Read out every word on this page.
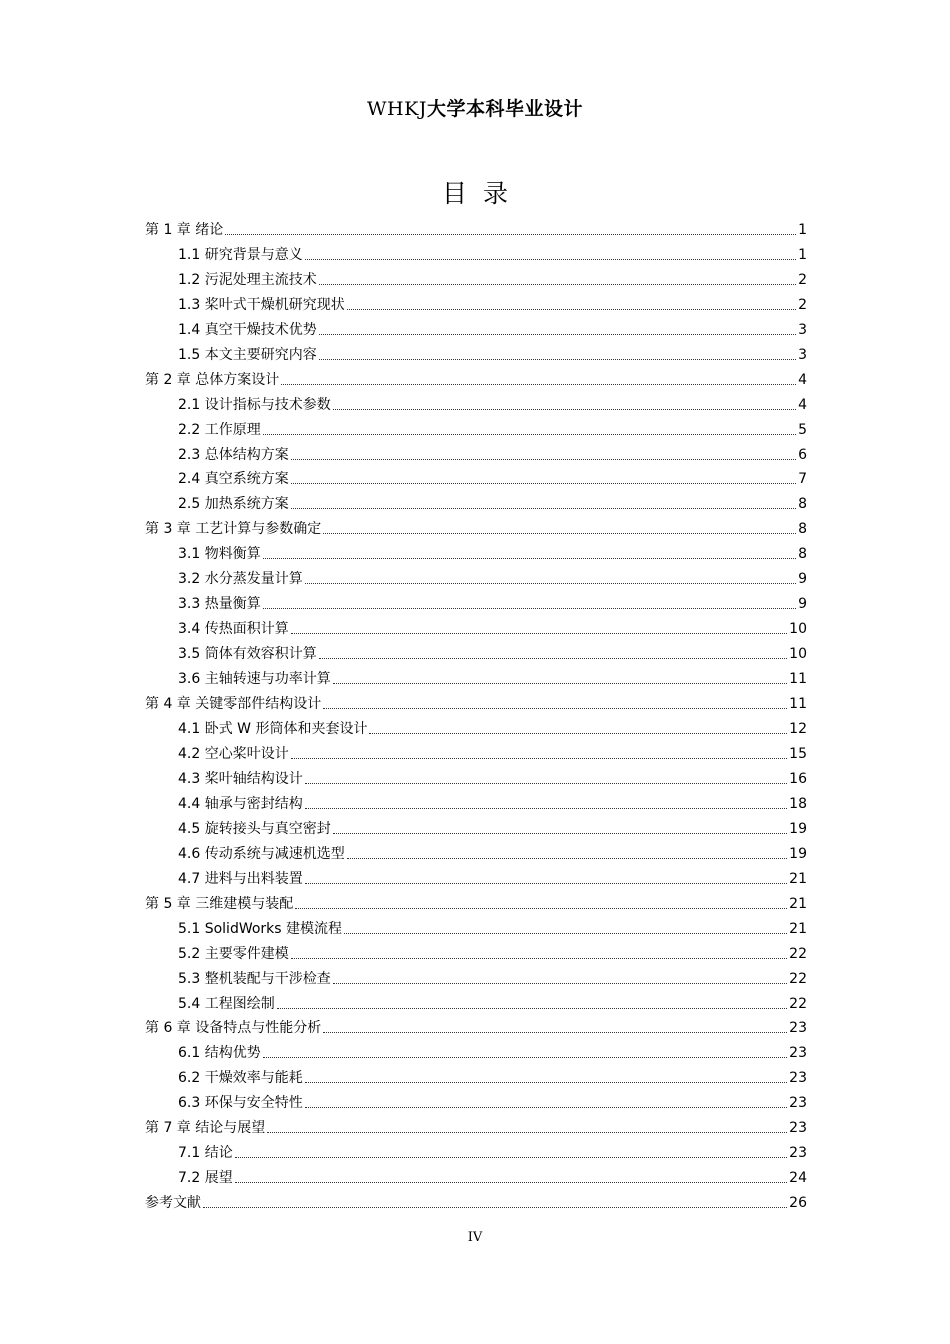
WHKJ大学本科毕业设计
目录
第 1 章 绪论	1
1.1 研究背景与意义	1
1.2 污泥处理主流技术	2
1.3 桨叶式干燥机研究现状	2
1.4 真空干燥技术优势	3
1.5 本文主要研究内容	3
第 2 章 总体方案设计	4
2.1 设计指标与技术参数	4
2.2 工作原理	5
2.3 总体结构方案	6
2.4 真空系统方案	7
2.5 加热系统方案	8
第 3 章 工艺计算与参数确定	8
3.1 物料衡算	8
3.2 水分蒸发量计算	9
3.3 热量衡算	9
3.4 传热面积计算	10
3.5 筒体有效容积计算	10
3.6 主轴转速与功率计算	11
第 4 章 关键零部件结构设计	11
4.1 卧式 W 形筒体和夹套设计	12
4.2 空心桨叶设计	15
4.3 桨叶轴结构设计	16
4.4 轴承与密封结构	18
4.5 旋转接头与真空密封	19
4.6 传动系统与减速机选型	19
4.7 进料与出料装置	21
第 5 章 三维建模与装配	21
5.1 SolidWorks 建模流程	21
5.2 主要零件建模	22
5.3 整机装配与干涉检查	22
5.4 工程图绘制	22
第 6 章 设备特点与性能分析	23
6.1 结构优势	23
6.2 干燥效率与能耗	23
6.3 环保与安全特性	23
第 7 章 结论与展望	23
7.1 结论	23
7.2 展望	24
参考文献	26
IV
